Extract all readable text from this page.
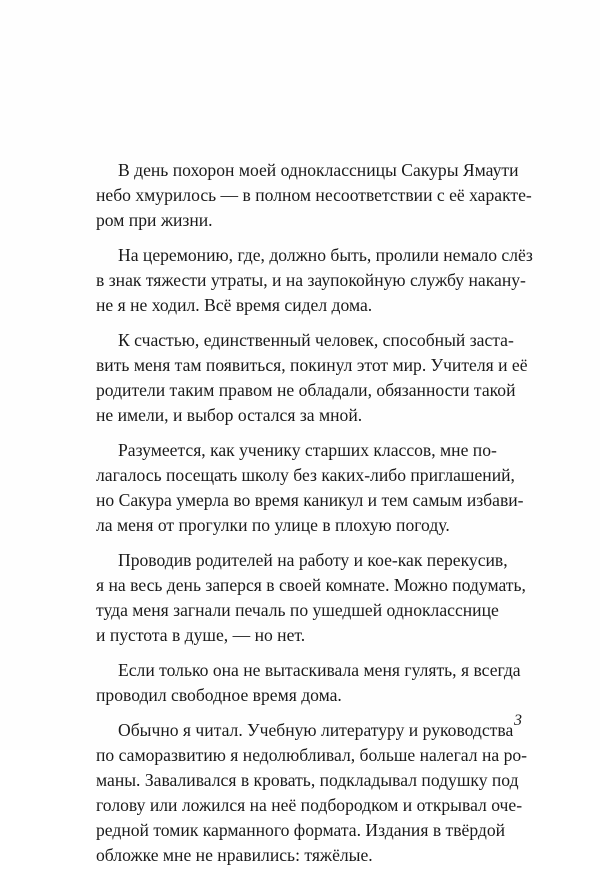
В день похорон моей одноклассницы Сакуры Ямаути
небо хмурилось — в полном несоответствии с её характе-
ром при жизни.

На церемонию, где, должно быть, пролили немало слёз
в знак тяжести утраты, и на заупокойную службу накану-
не я не ходил. Всё время сидел дома.

К счастью, единственный человек, способный заста-
вить меня там появиться, покинул этот мир. Учителя и её
родители таким правом не обладали, обязанности такой
не имели, и выбор остался за мной.

Разумеется, как ученику старших классов, мне по-
лагалось посещать школу без каких-либо приглашений,
но Сакура умерла во время каникул и тем самым избави-
ла меня от прогулки по улице в плохую погоду.

Проводив родителей на работу и кое-как перекусив,
я на весь день заперся в своей комнате. Можно подумать,
туда меня загнали печаль по ушедшей однокласснице
и пустота в душе, — но нет.

Если только она не вытаскивала меня гулять, я всегда
проводил свободное время дома.

Обычно я читал. Учебную литературу и руководства
по саморазвитию я недолюбливал, больше налегал на ро-
маны. Заваливался в кровать, подкладывал подушку под
голову или ложился на неё подбородком и открывал оче-
редной томик карманного формата. Издания в твёрдой
обложке мне не нравились: тяжёлые.

3
